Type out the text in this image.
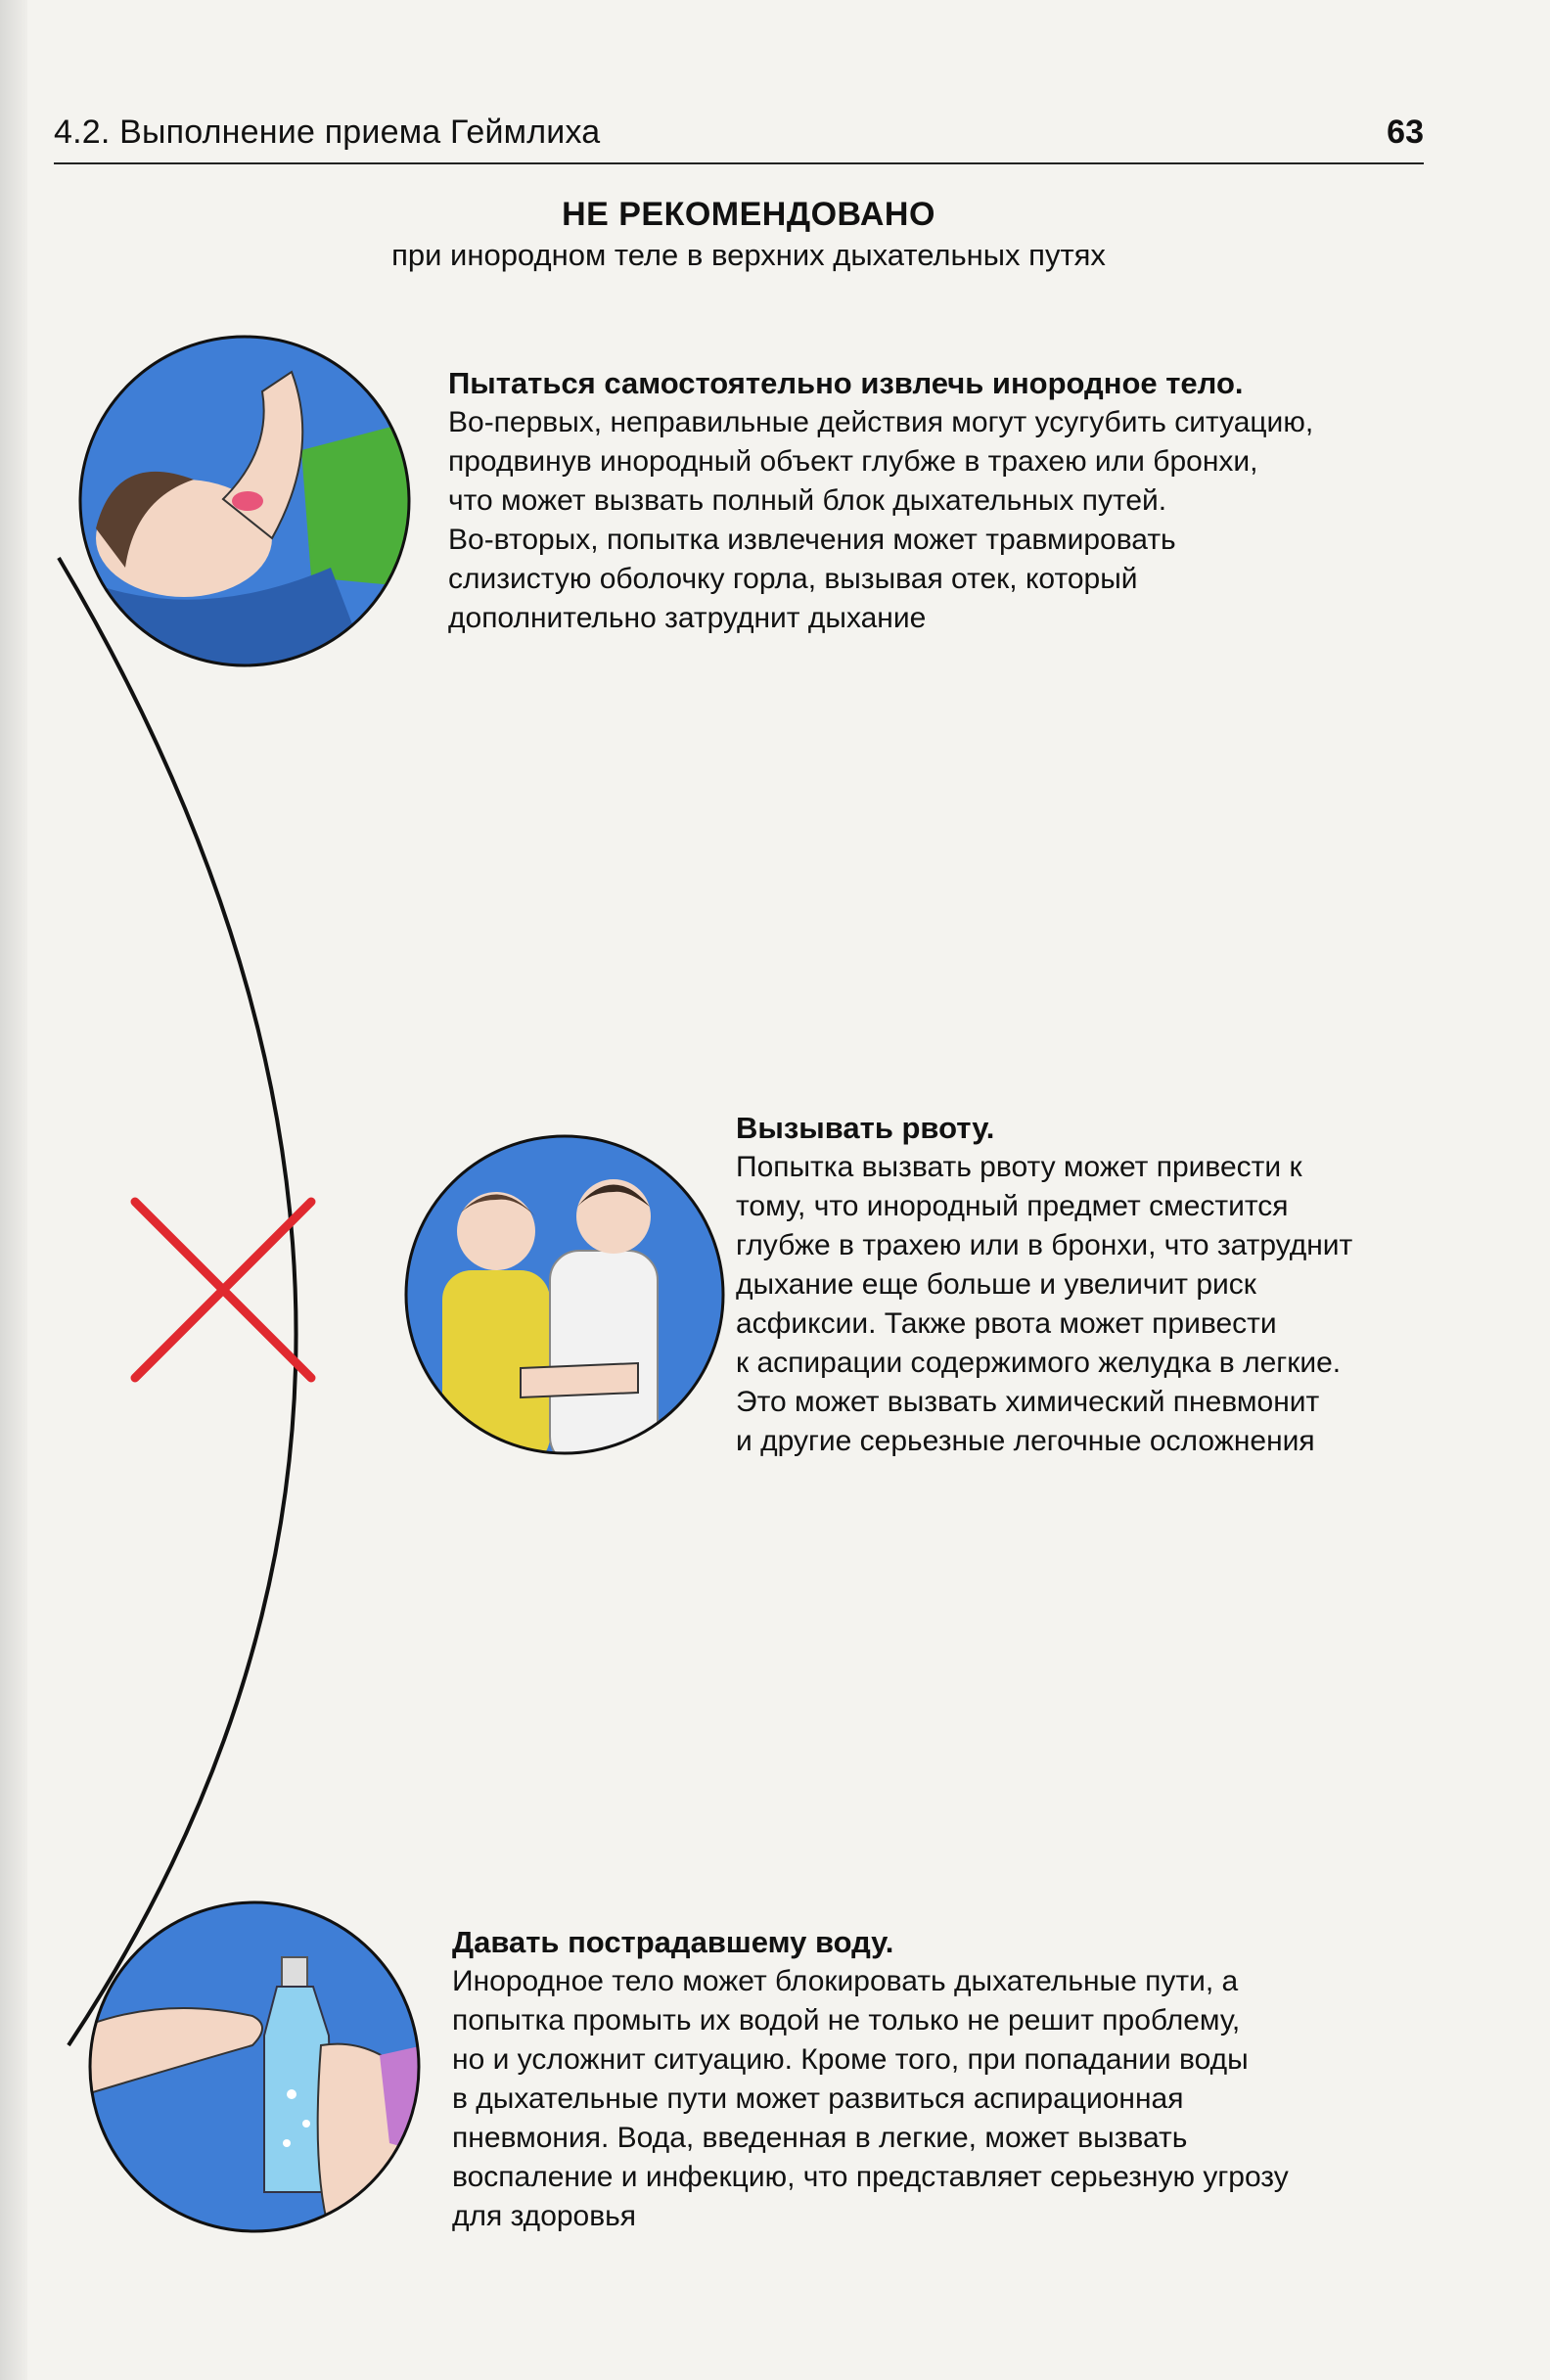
4.2. Выполнение приема Геймлиха	63
НЕ РЕКОМЕНДОВАНО
при инородном теле в верхних дыхательных путях
Пытаться самостоятельно извлечь инородное тело.
Во-первых, неправильные действия могут усугубить ситуацию,
продвинув инородный объект глубже в трахею или бронхи,
что может вызвать полный блок дыхательных путей.
Во-вторых, попытка извлечения может травмировать
слизистую оболочку горла, вызывая отек, который
дополнительно затруднит дыхание
Вызывать рвоту.
Попытка вызвать рвоту может привести к
тому, что инородный предмет сместится
глубже в трахею или в бронхи, что затруднит
дыхание еще больше и увеличит риск
асфиксии. Также рвота может привести
к аспирации содержимого желудка в легкие.
Это может вызвать химический пневмонит
и другие серьезные легочные осложнения
Давать пострадавшему воду.
Инородное тело может блокировать дыхательные пути, а
попытка промыть их водой не только не решит проблему,
но и усложнит ситуацию. Кроме того, при попадании воды
в дыхательные пути может развиться аспирационная
пневмония. Вода, введенная в легкие, может вызвать
воспаление и инфекцию, что представляет серьезную угрозу
для здоровья
